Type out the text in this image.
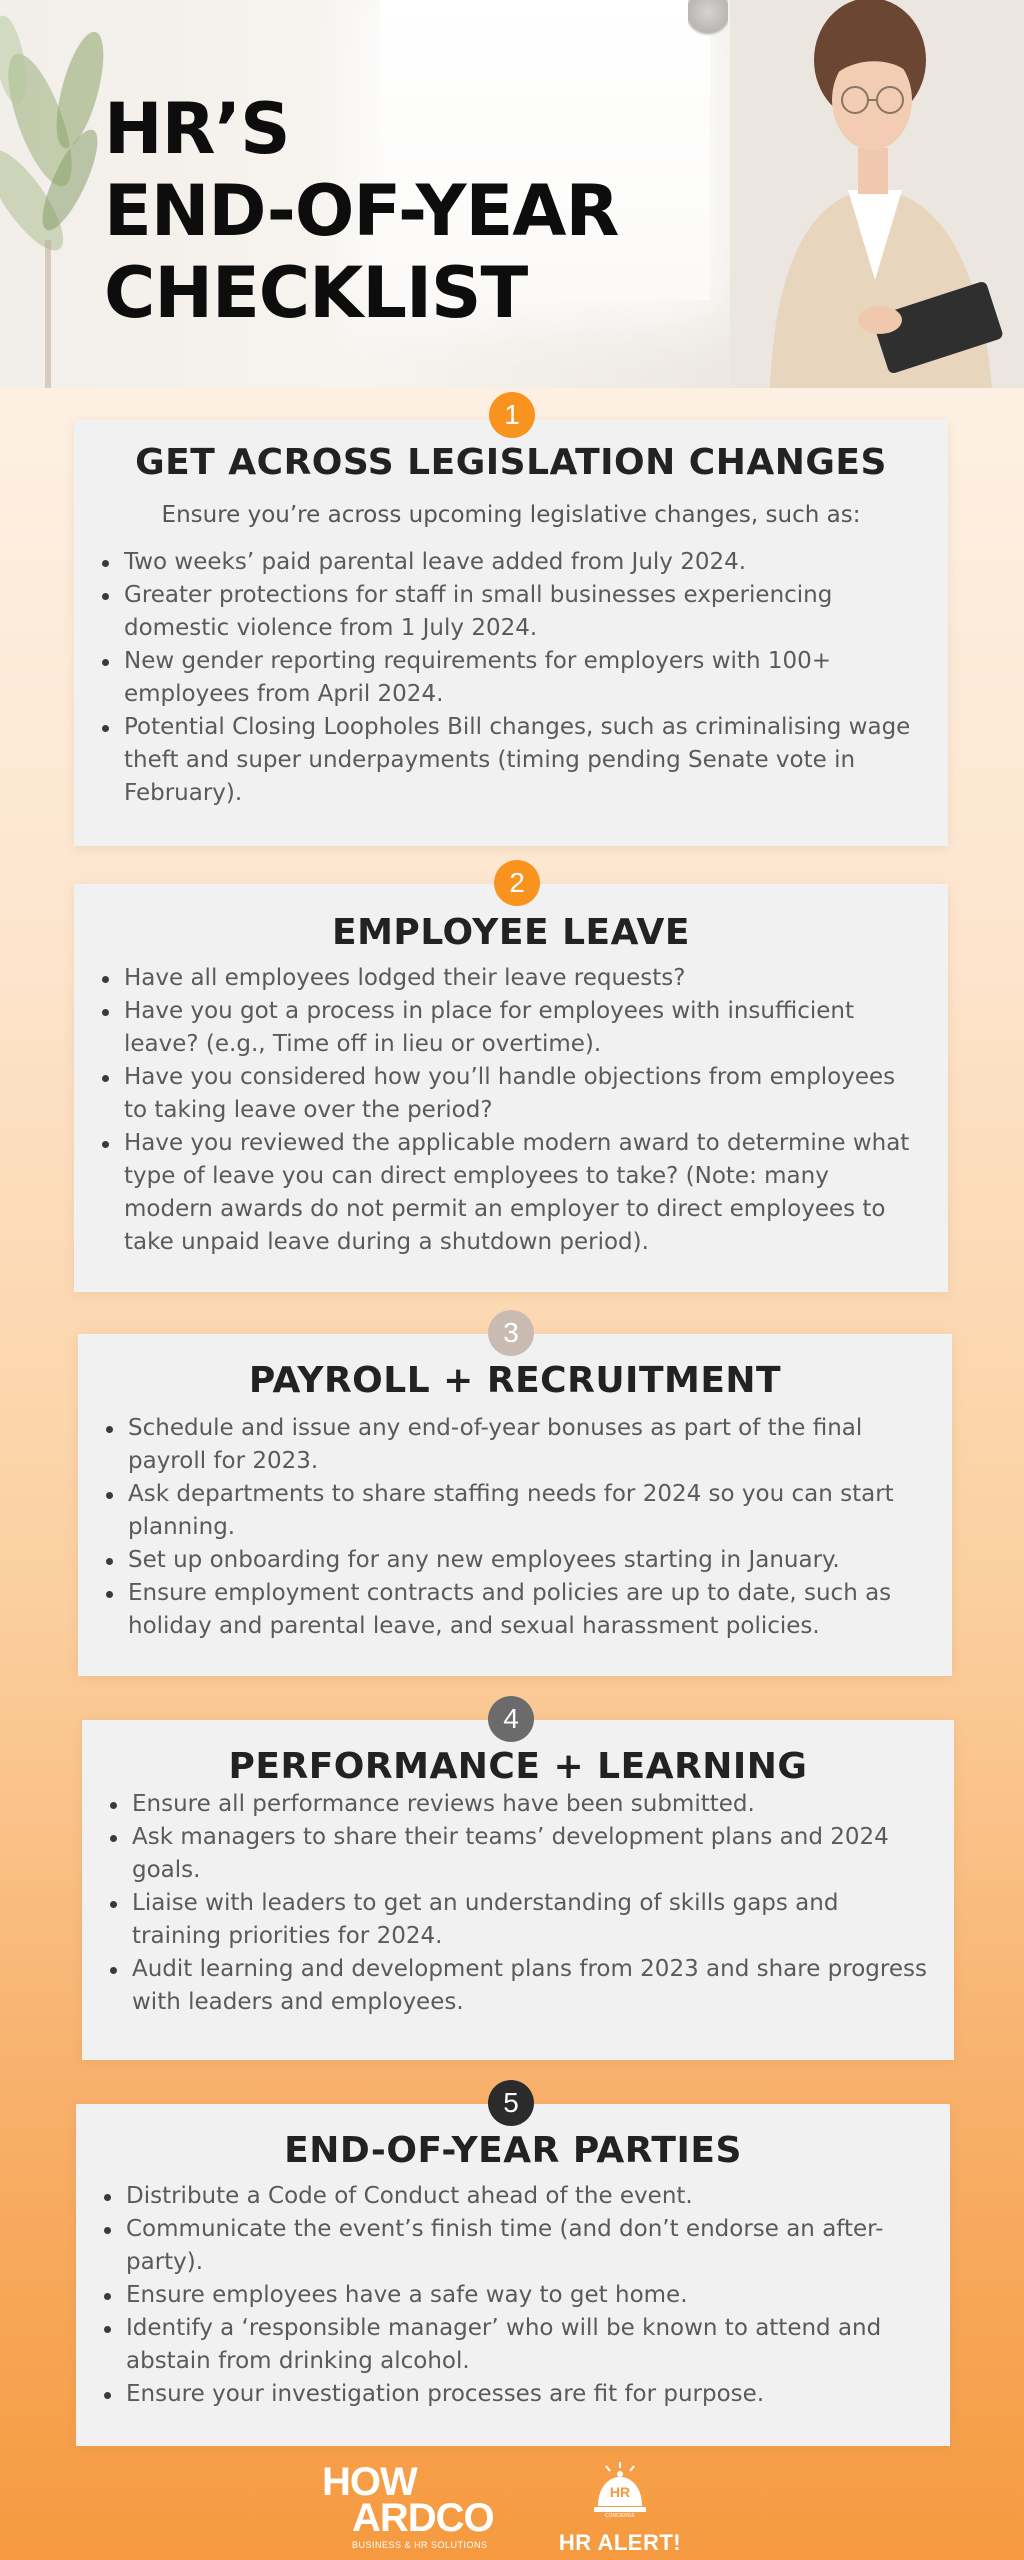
HR’S
END-OF-YEAR
CHECKLIST
GET ACROSS LEGISLATION CHANGES

Ensure you’re across upcoming legislative changes, such as:

Two weeks’ paid parental leave added from July 2024.
Greater protections for staff in small businesses experiencing domestic violence from 1 July 2024.
New gender reporting requirements for employers with 100+ employees from April 2024.
Potential Closing Loopholes Bill changes, such as criminalising wage theft and super underpayments (timing pending Senate vote in February).
1
EMPLOYEE LEAVE
Have all employees lodged their leave requests?
Have you got a process in place for employees with insufficient leave? (e.g., Time off in lieu or overtime).
Have you considered how you’ll handle objections from employees to taking leave over the period?
Have you reviewed the applicable modern award to determine what type of leave you can direct employees to take? (Note: many modern awards do not permit an employer to direct employees to take unpaid leave during a shutdown period).
2
PAYROLL + RECRUITMENT
Schedule and issue any end-of-year bonuses as part of the final payroll for 2023.
Ask departments to share staffing needs for 2024 so you can start planning.
Set up onboarding for any new employees starting in January.
Ensure employment contracts and policies are up to date, such as holiday and parental leave, and sexual harassment policies.
3
PERFORMANCE + LEARNING
Ensure all performance reviews have been submitted.
Ask managers to share their teams’ development plans and 2024 goals.
Liaise with leaders to get an understanding of skills gaps and training priorities for 2024.
Audit learning and development plans from 2023 and share progress with leaders and employees.
4
END-OF-YEAR PARTIES
Distribute a Code of Conduct ahead of the event.
Communicate the event’s finish time (and don’t endorse an after-party).
Ensure employees have a safe way to get home.
Identify a ‘responsible manager’ who will be known to attend and abstain from drinking alcohol.
Ensure your investigation processes are fit for purpose.
5
HOW
ARDCO
BUSINESS & HR SOLUTIONS
HR
CONCIERGE
HR ALERT!
